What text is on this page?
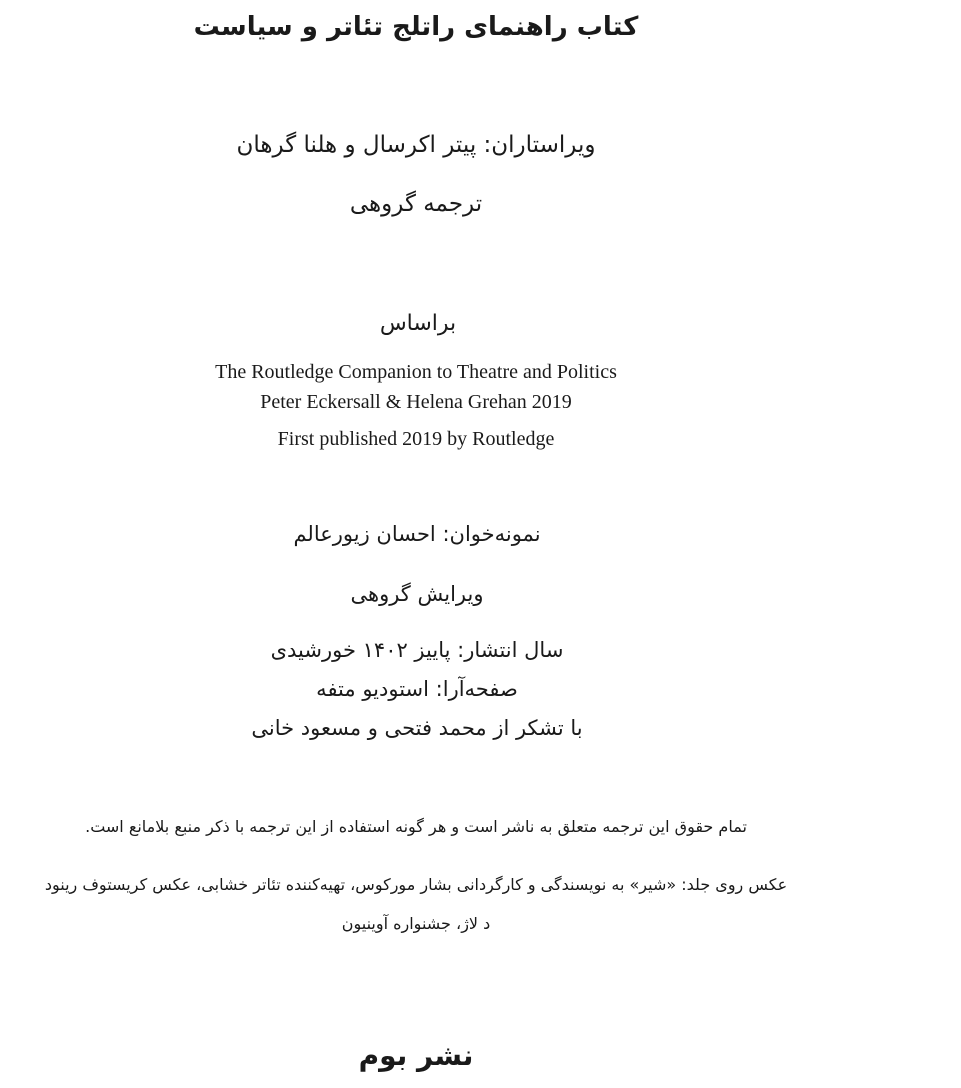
کتاب راهنمای راتلج تئاتر و سیاست
ویراستاران: پیتر اکرسال و هلنا گرهان
ترجمه گروهی
براساس
The Routledge Companion to Theatre and Politics
Peter Eckersall & Helena Grehan 2019
First published 2019 by Routledge
نمونه‌خوان: احسان زیورعالم
ویرایش گروهی
سال انتشار: پاییز ۱۴۰۲ خورشیدی
صفحه‌آرا: استودیو متفه
با تشکر از محمد فتحی و مسعود خانی
تمام حقوق این ترجمه متعلق به ناشر است و هر گونه استفاده از این ترجمه با ذکر منبع بلامانع است.
عکس روی جلد: «شیر» به نویسندگی و کارگردانی بشار مورکوس، تهیه‌کننده تئاتر خشابی، عکس کریستوف رینود
د لاژ، جشنواره آوینیون
نشر بوم
